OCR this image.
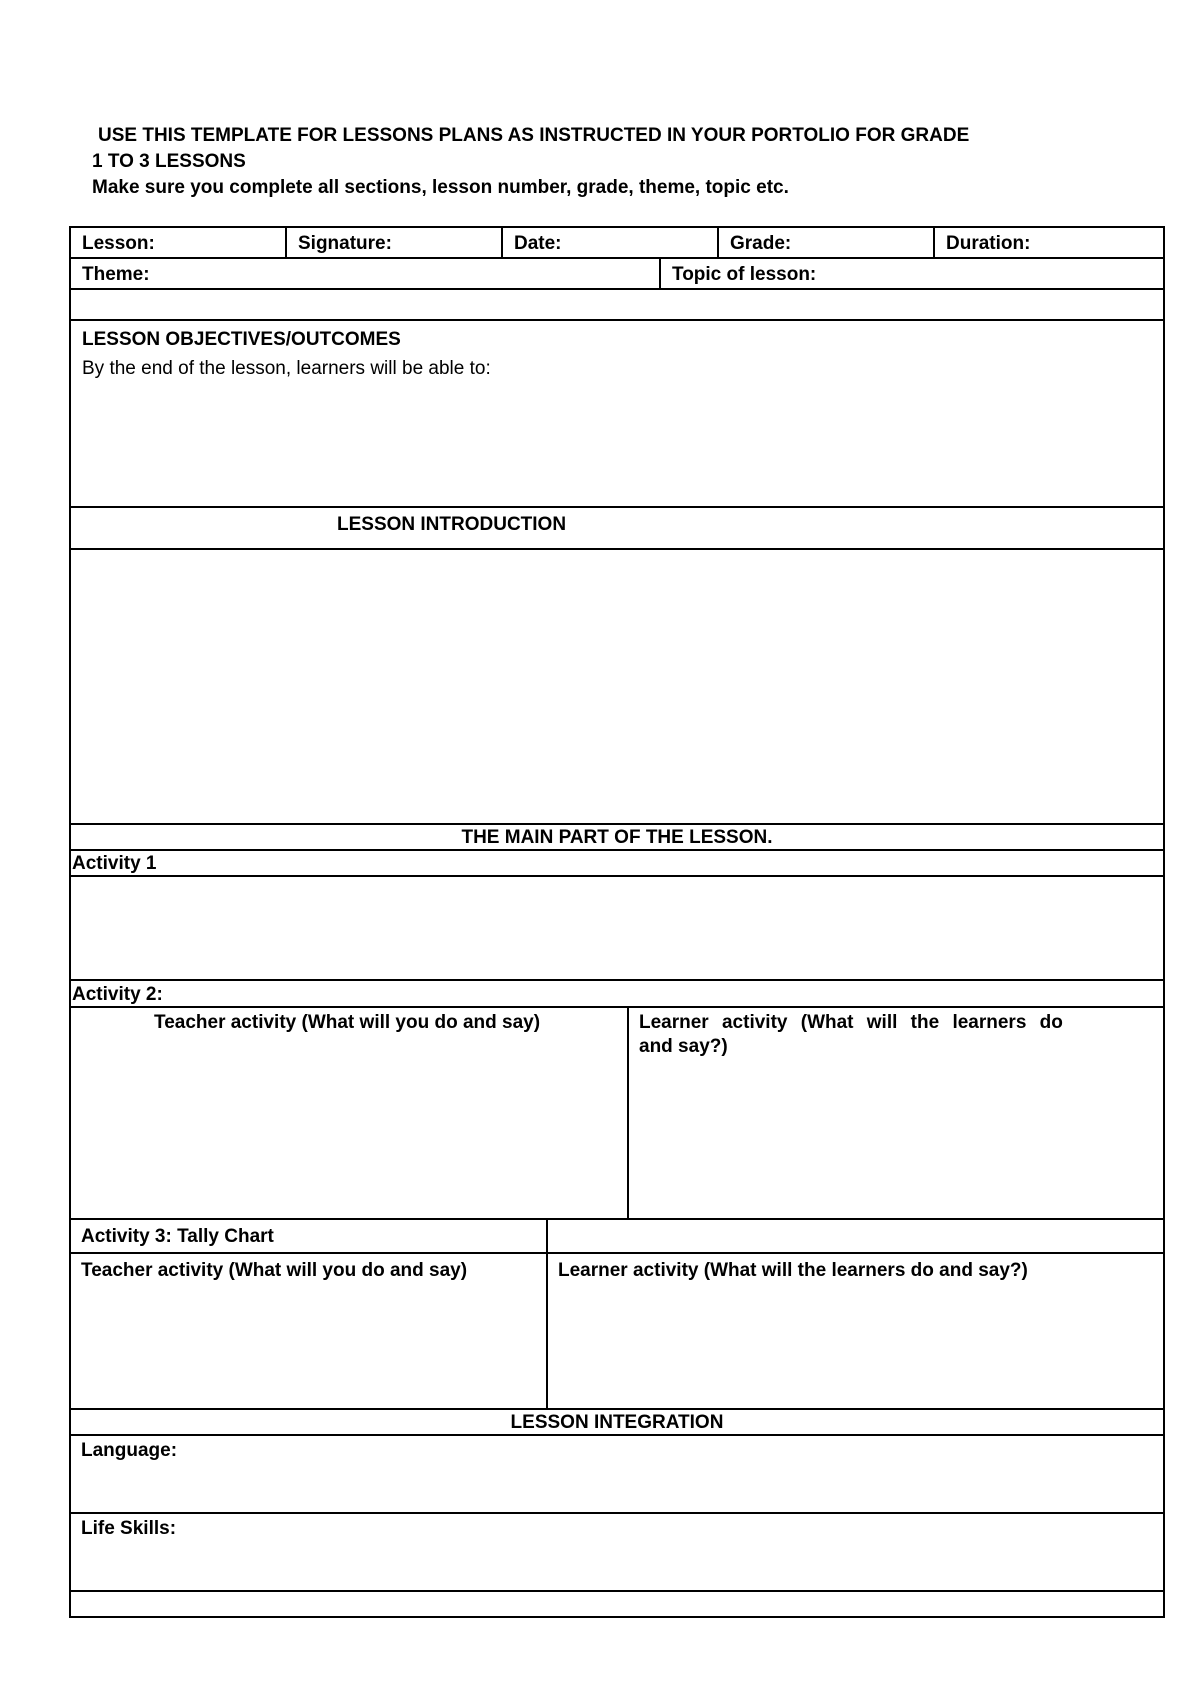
USE THIS TEMPLATE FOR LESSONS PLANS AS INSTRUCTED IN YOUR PORTOLIO FOR GRADE
1 TO 3 LESSONS
Make sure you complete all sections, lesson number, grade, theme, topic etc.
Lesson:	Signature:	Date:	Grade:	Duration:
Theme:	Topic of lesson:
LESSON OBJECTIVES/OUTCOMES
By the end of the lesson, learners will be able to:
LESSON INTRODUCTION
THE MAIN PART OF THE LESSON.
Activity 1
Activity 2:
Teacher activity (What will you do and say)	Learner activity (What will the learners do
and say?)
Activity 3: Tally Chart
Teacher activity (What will you do and say)	Learner activity (What will the learners do and say?)
LESSON INTEGRATION
Language:
Life Skills:
